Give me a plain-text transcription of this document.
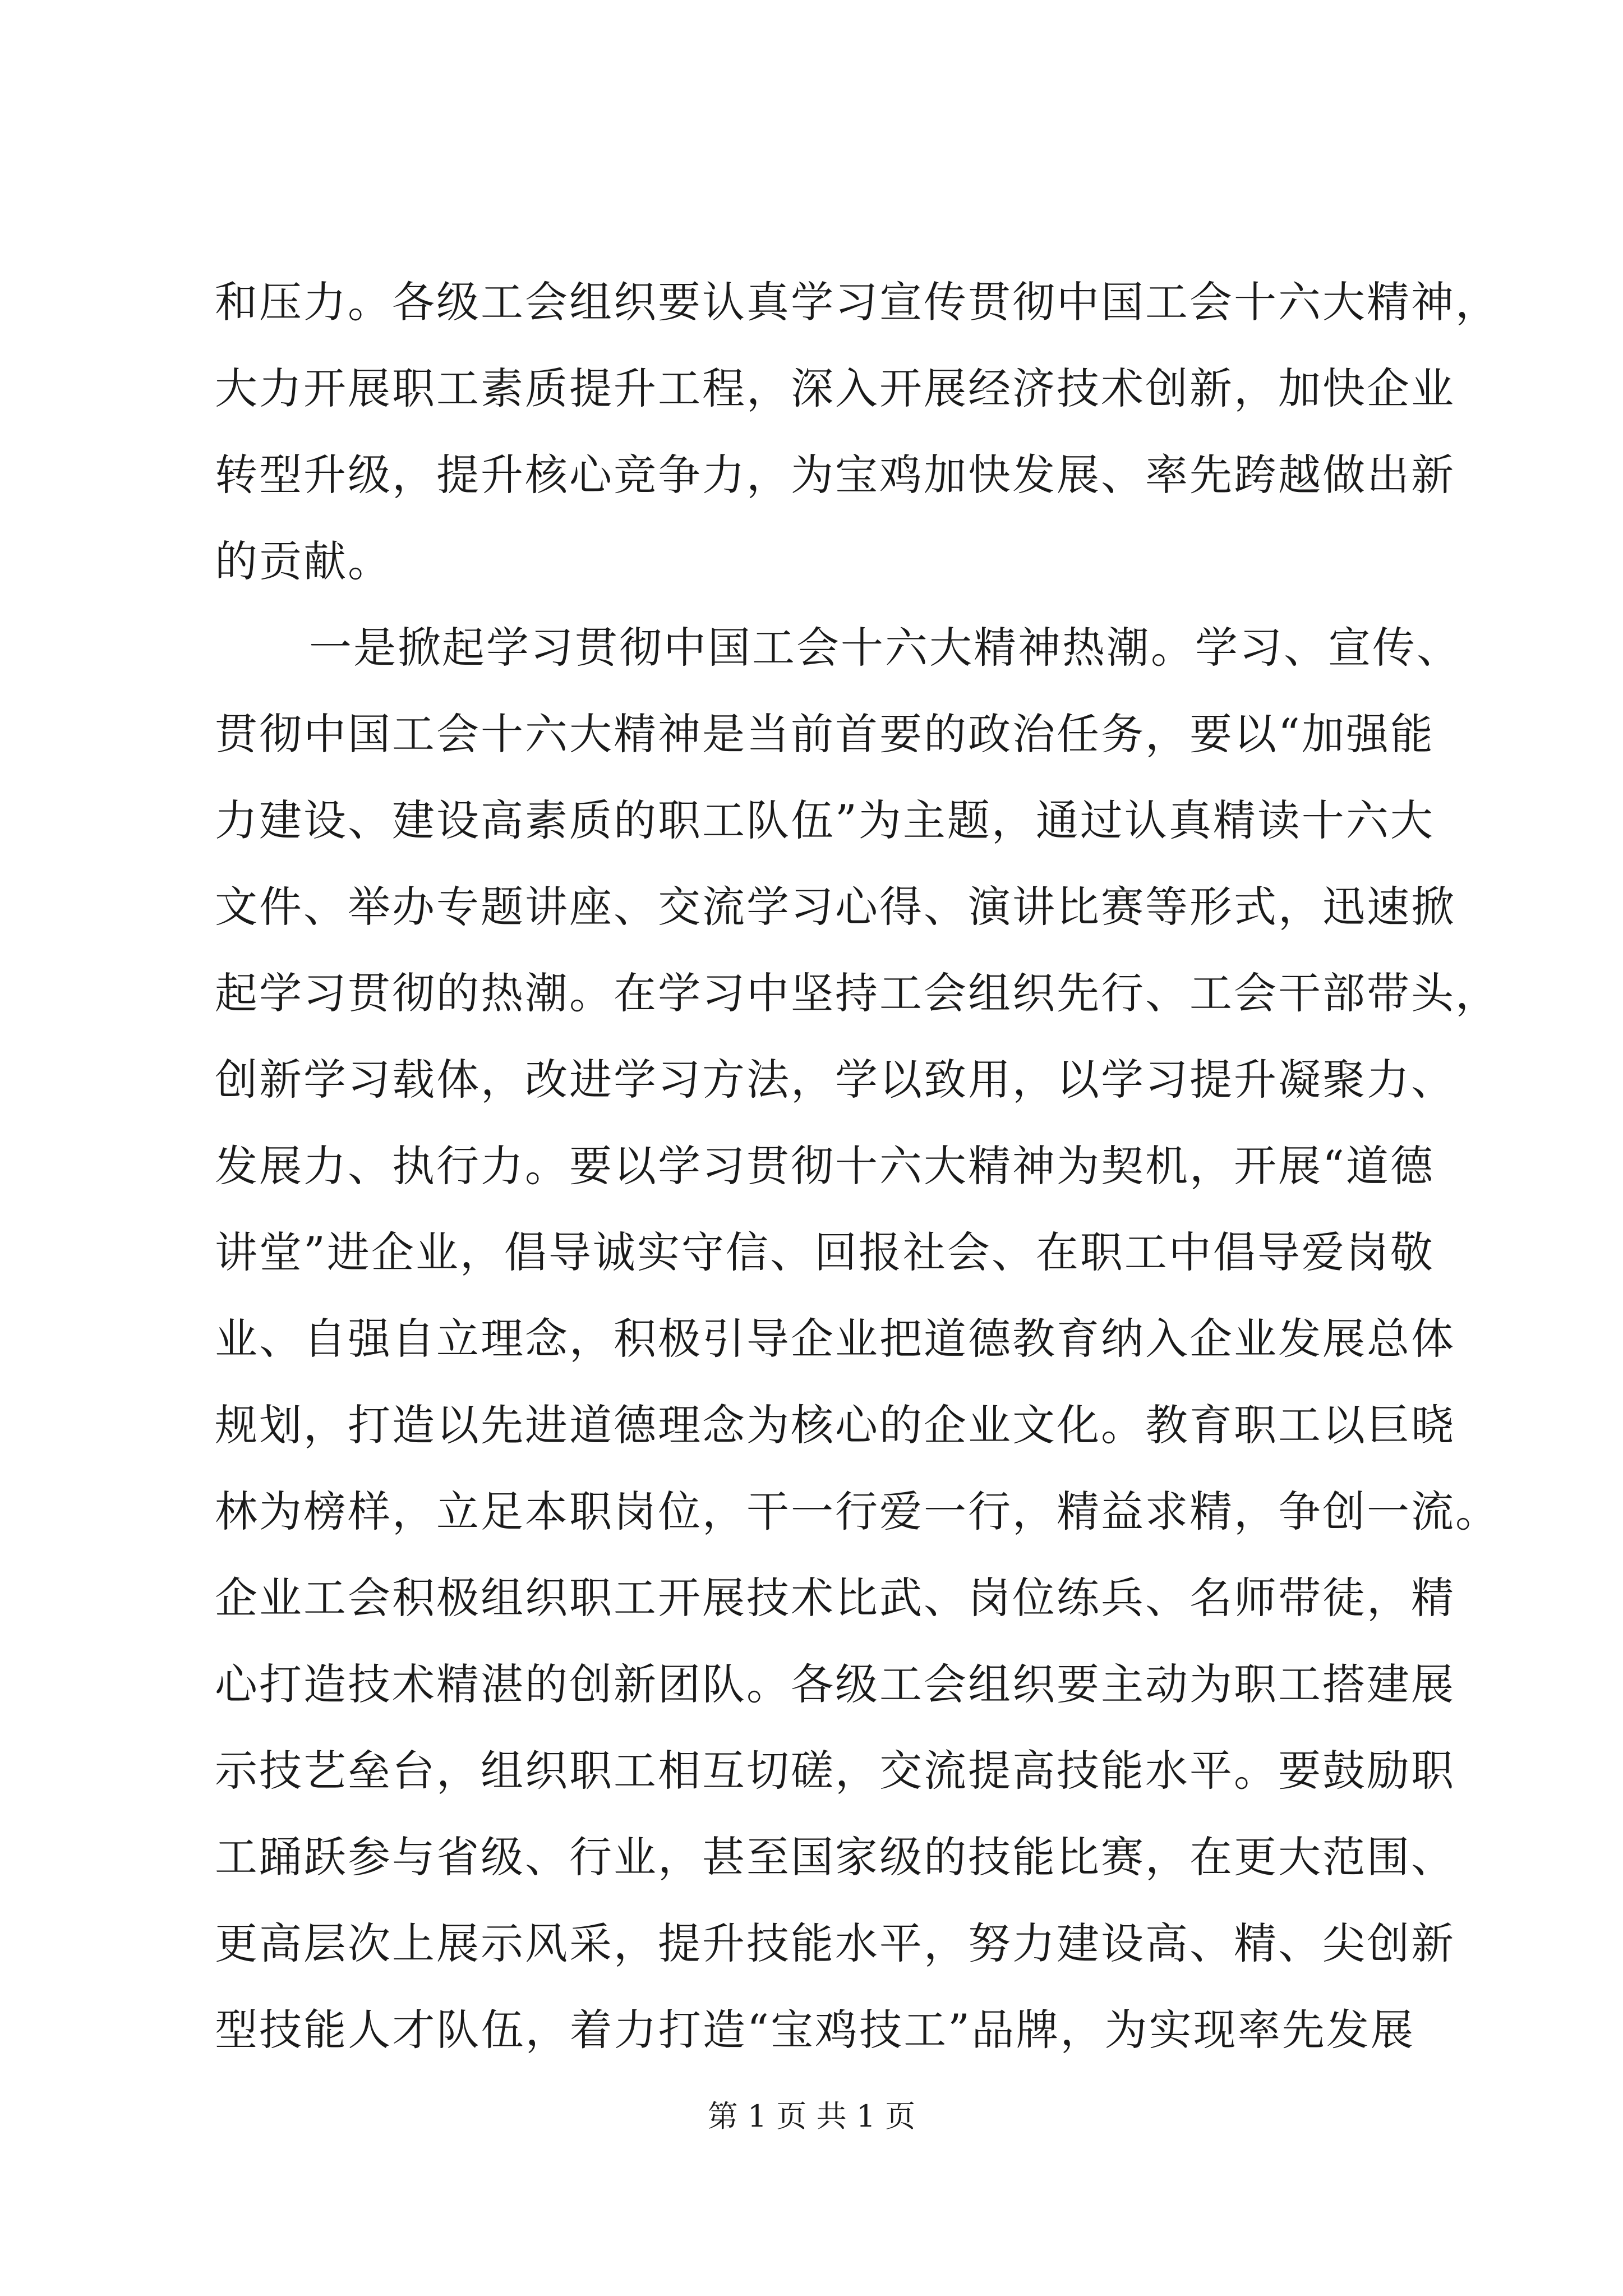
和压力。各级工会组织要认真学习宣传贯彻中国工会十六大精神，
大力开展职工素质提升工程，深入开展经济技术创新，加快企业
转型升级，提升核心竞争力，为宝鸡加快发展、率先跨越做出新
的贡献。
一是掀起学习贯彻中国工会十六大精神热潮。学习、宣传、
贯彻中国工会十六大精神是当前首要的政治任务，要以“加强能
力建设、建设高素质的职工队伍”为主题，通过认真精读十六大
文件、举办专题讲座、交流学习心得、演讲比赛等形式，迅速掀
起学习贯彻的热潮。在学习中坚持工会组织先行、工会干部带头，
创新学习载体，改进学习方法，学以致用，以学习提升凝聚力、
发展力、执行力。要以学习贯彻十六大精神为契机，开展“道德
讲堂”进企业，倡导诚实守信、回报社会、在职工中倡导爱岗敬
业、自强自立理念，积极引导企业把道德教育纳入企业发展总体
规划，打造以先进道德理念为核心的企业文化。教育职工以巨晓
林为榜样，立足本职岗位，干一行爱一行，精益求精，争创一流。
企业工会积极组织职工开展技术比武、岗位练兵、名师带徒，精
心打造技术精湛的创新团队。各级工会组织要主动为职工搭建展
示技艺垒台，组织职工相互切磋，交流提高技能水平。要鼓励职
工踊跃参与省级、行业，甚至国家级的技能比赛，在更大范围、
更高层次上展示风采，提升技能水平，努力建设高、精、尖创新
型技能人才队伍，着力打造“宝鸡技工”品牌，为实现率先发展
第 1 页 共 1 页
